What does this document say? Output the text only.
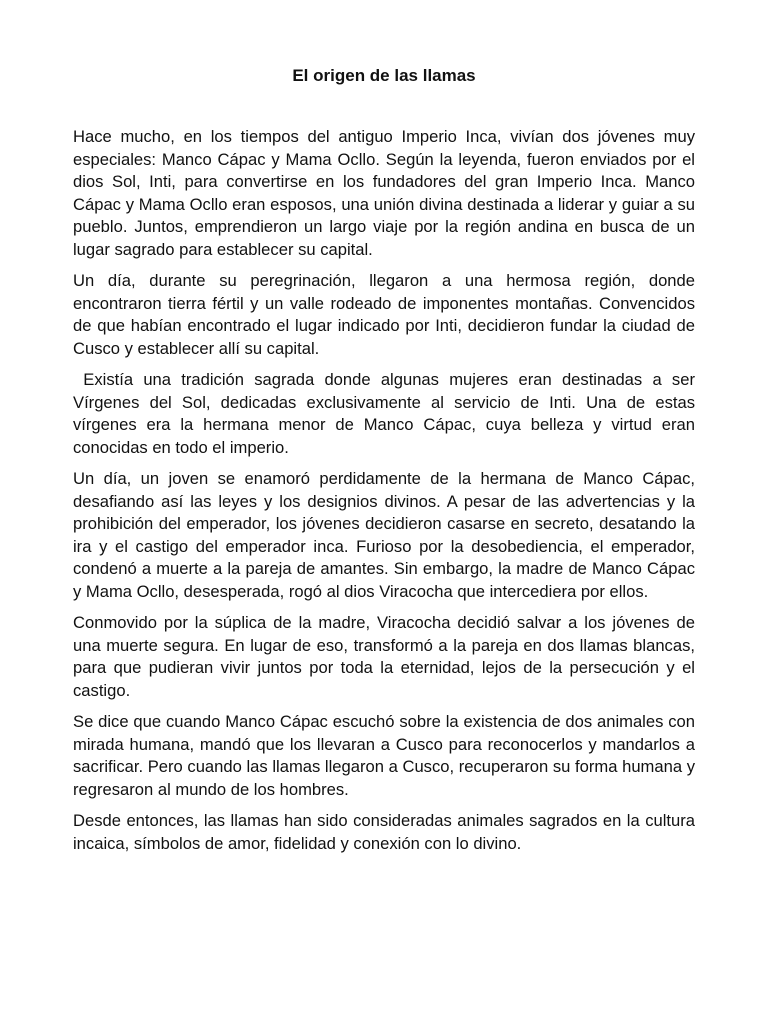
El origen de las llamas

Hace mucho, en los tiempos del antiguo Imperio Inca, vivían dos jóvenes muy especiales: Manco Cápac y Mama Ocllo. Según la leyenda, fueron enviados por el dios Sol, Inti, para convertirse en los fundadores del gran Imperio Inca. Manco Cápac y Mama Ocllo eran esposos, una unión divina destinada a liderar y guiar a su pueblo. Juntos, emprendieron un largo viaje por la región andina en busca de un lugar sagrado para establecer su capital.

Un día, durante su peregrinación, llegaron a una hermosa región, donde encontraron tierra fértil y un valle rodeado de imponentes montañas. Convencidos de que habían encontrado el lugar indicado por Inti, decidieron fundar la ciudad de Cusco y establecer allí su capital.

Existía una tradición sagrada donde algunas mujeres eran destinadas a ser Vírgenes del Sol, dedicadas exclusivamente al servicio de Inti. Una de estas vírgenes era la hermana menor de Manco Cápac, cuya belleza y virtud eran conocidas en todo el imperio.

Un día, un joven se enamoró perdidamente de la hermana de Manco Cápac, desafiando así las leyes y los designios divinos. A pesar de las advertencias y la prohibición del emperador, los jóvenes decidieron casarse en secreto, desatando la ira y el castigo del emperador inca. Furioso por la desobediencia, el emperador, condenó a muerte a la pareja de amantes. Sin embargo, la madre de Manco Cápac y Mama Ocllo, desesperada, rogó al dios Viracocha que intercediera por ellos.

Conmovido por la súplica de la madre, Viracocha decidió salvar a los jóvenes de una muerte segura. En lugar de eso, transformó a la pareja en dos llamas blancas, para que pudieran vivir juntos por toda la eternidad, lejos de la persecución y el castigo.

Se dice que cuando Manco Cápac escuchó sobre la existencia de dos animales con mirada humana, mandó que los llevaran a Cusco para reconocerlos y mandarlos a sacrificar. Pero cuando las llamas llegaron a Cusco, recuperaron su forma humana y regresaron al mundo de los hombres.

Desde entonces, las llamas han sido consideradas animales sagrados en la cultura incaica, símbolos de amor, fidelidad y conexión con lo divino.
